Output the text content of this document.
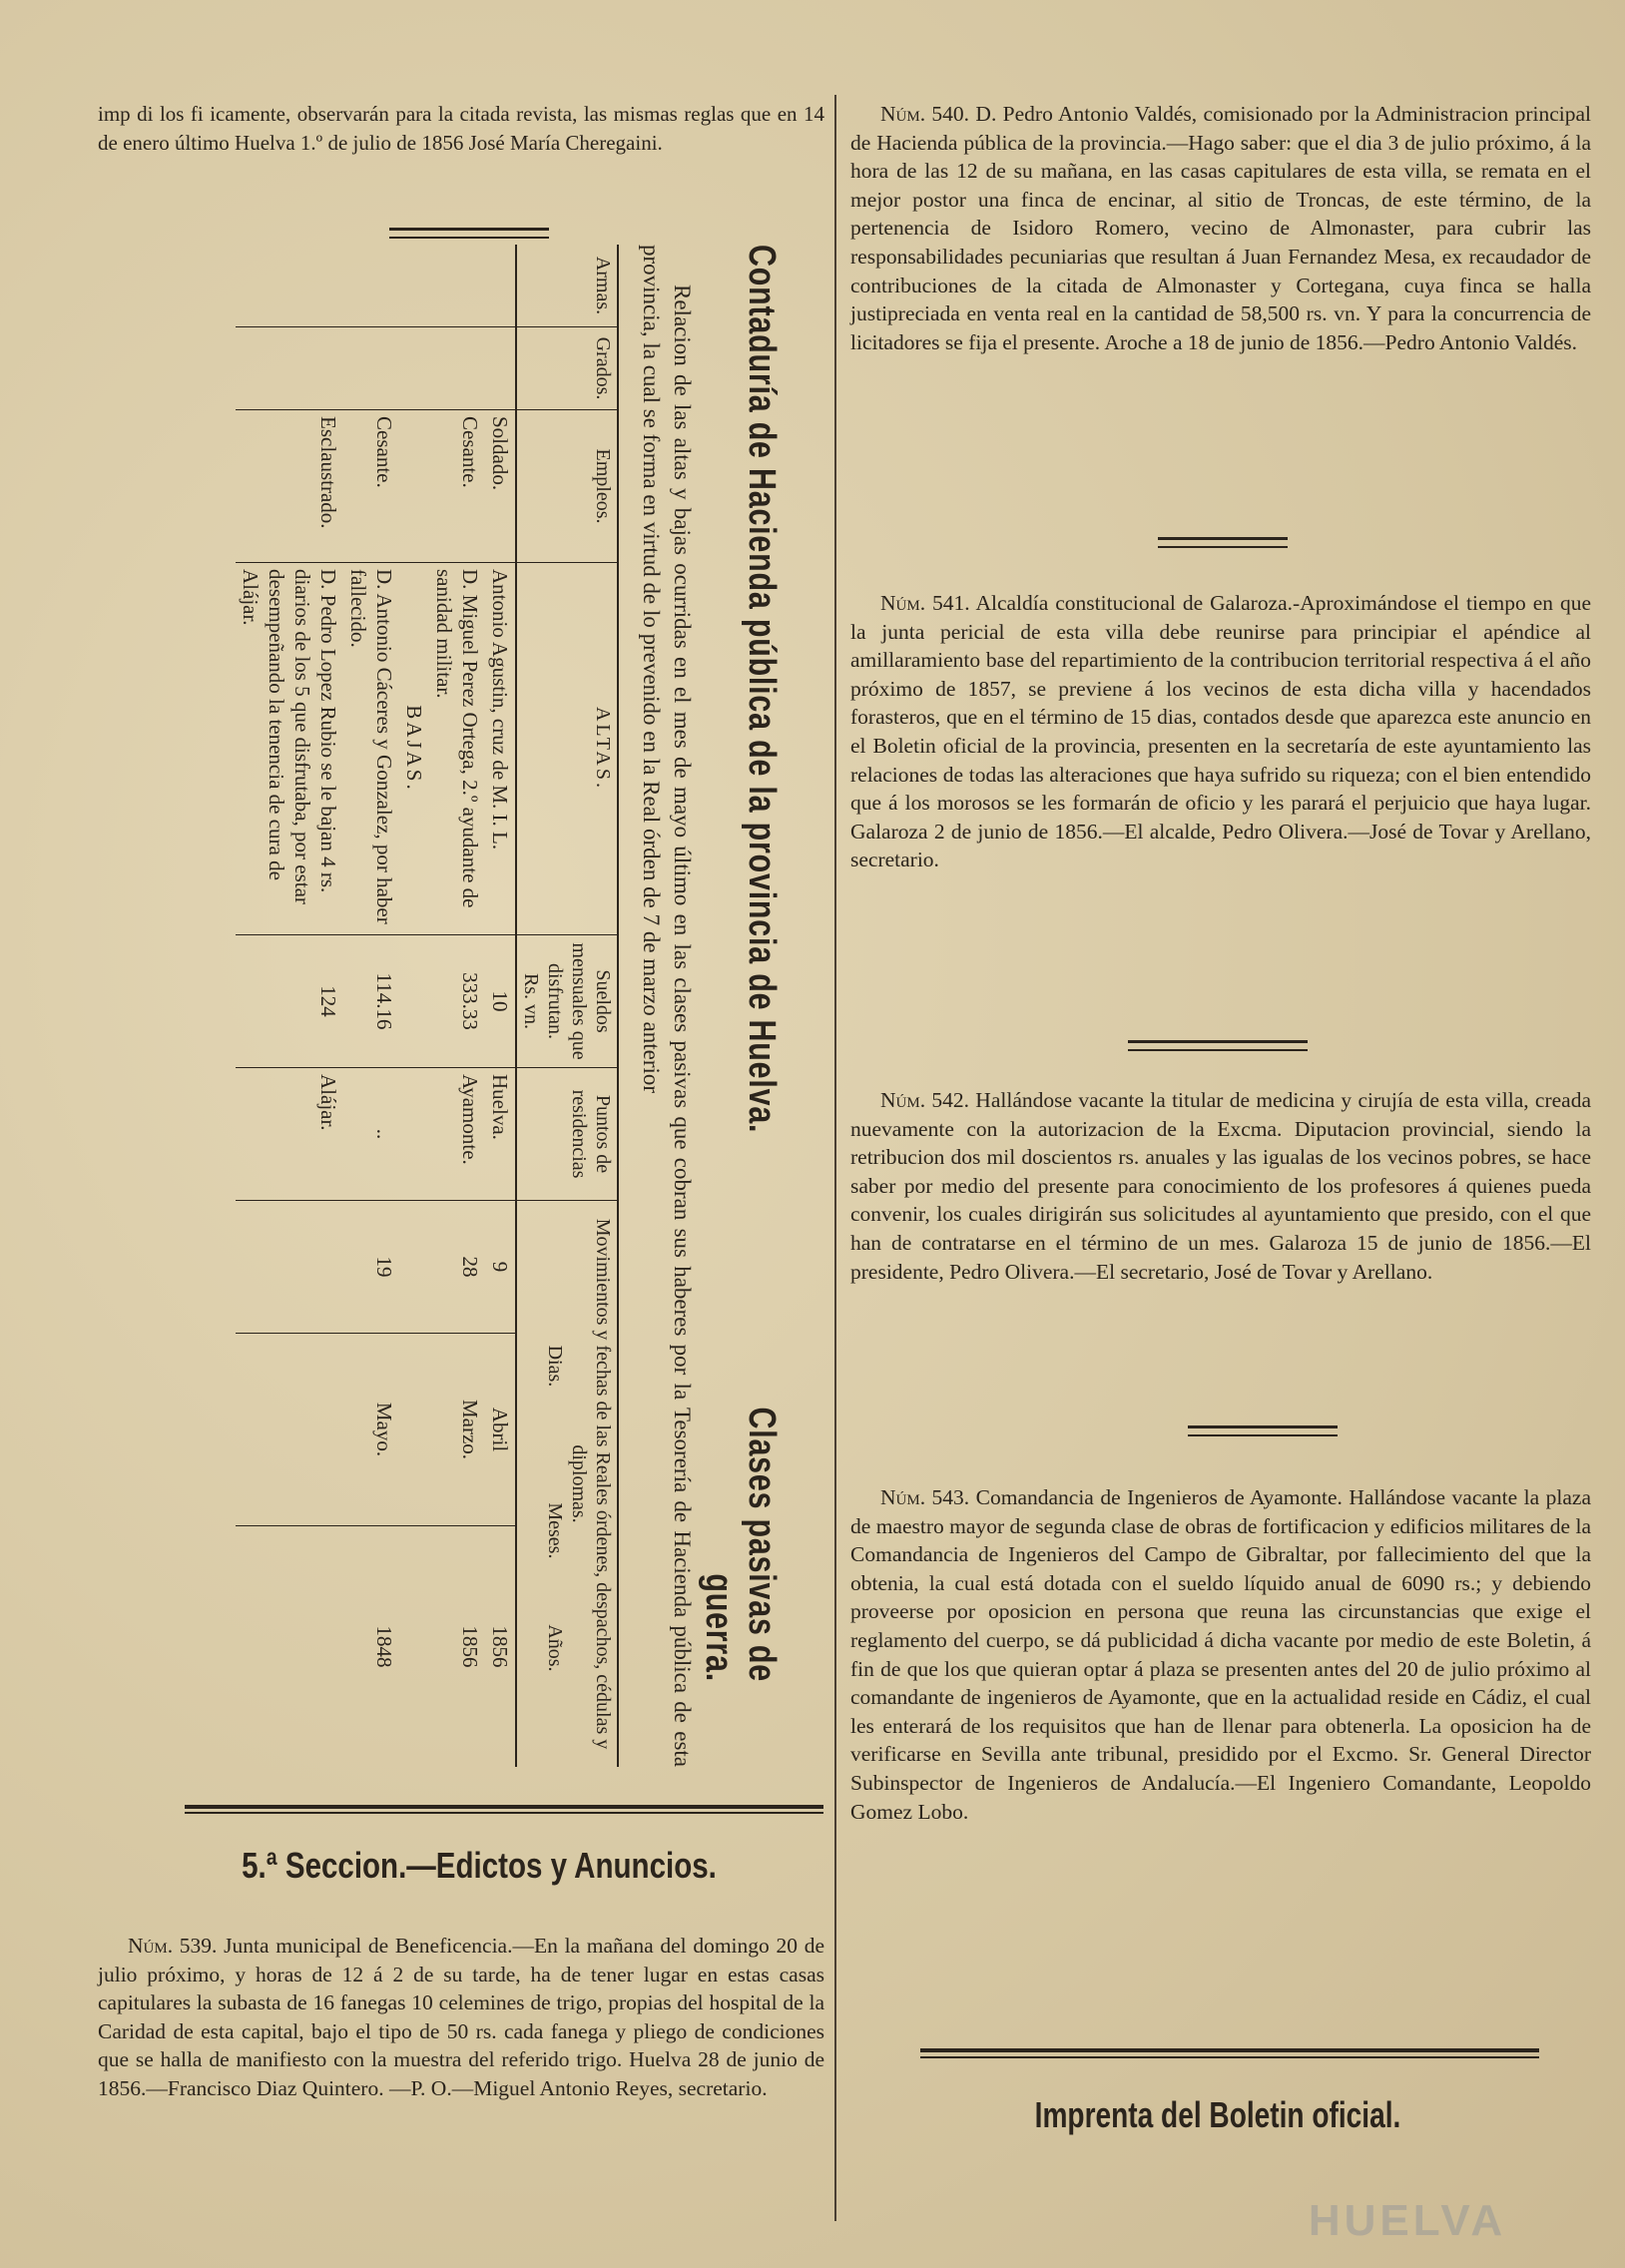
imp di los fi icamente, observarán para la citada revista, las mismas reglas que en 14 de enero último Huelva 1.º de julio de 1856 José María Cheregaini.

Contaduría de Hacienda pública de la provincia de Huelva.
Clases pasivas de guerra.

Relacion de las altas y bajas ocurridas en el mes de mayo último en las clases pasivas que cobran sus haberes por la Tesorería de Hacienda pública de esta provincia, la cual se forma en virtud de lo prevenido en la Real órden de 7 de marzo anterior

Armas.	Grados.	Empleos.	ALTAS.	Sueldos mensuales que disfrutan.
Rs. vn.	Puntos de residencias	Movimientos y fechas de las Reales órdenes, despachos, cédulas y diplomas.
Dias. Meses. Años.		
		Soldado.	Antonio Agustin, cruz de M. I. L.	10	Huelva.	9	Abril	1856
		Cesante.	D. Miguel Perez Ortega, 2.º ayudante de sanidad militar.	333.33	Ayamonte.	28	Marzo.	1856
			BAJAS.					
		Cesante.	D. Antonio Cáceres y Gonzalez, por haber fallecido.	114.16	..	19	Mayo.	1848
		Esclaustrado.	D. Pedro Lopez Rubio se le bajan 4 rs. diarios de los 5 que disfrutaba, por estar desempeñando la tenencia de cura de Alájar.	124	Alájar.			
5.ª Seccion.—Edictos y Anuncios.

Núm. 539. Junta municipal de Beneficencia.—En la mañana del domingo 20 de julio próximo, y horas de 12 á 2 de su tarde, ha de tener lugar en estas casas capitulares la subasta de 16 fanegas 10 celemines de trigo, propias del hospital de la Caridad de esta capital, bajo el tipo de 50 rs. cada fanega y pliego de condiciones que se halla de manifiesto con la muestra del referido trigo. Huelva 28 de junio de 1856.—Francisco Diaz Quintero. —P. O.—Miguel Antonio Reyes, secretario.

Núm. 540. D. Pedro Antonio Valdés, comisionado por la Administracion principal de Hacienda pública de la provincia.—Hago saber: que el dia 3 de julio próximo, á la hora de las 12 de su mañana, en las casas capitulares de esta villa, se remata en el mejor postor una finca de encinar, al sitio de Troncas, de este término, de la pertenencia de Isidoro Romero, vecino de Almonaster, para cubrir las responsabilidades pecuniarias que resultan á Juan Fernandez Mesa, ex recaudador de contribuciones de la citada de Almonaster y Cortegana, cuya finca se halla justipreciada en venta real en la cantidad de 58,500 rs. vn. Y para la concurrencia de licitadores se fija el presente. Aroche a 18 de junio de 1856.—Pedro Antonio Valdés.

Núm. 541. Alcaldía constitucional de Galaroza.-Aproximándose el tiempo en que la junta pericial de esta villa debe reunirse para principiar el apéndice al amillaramiento base del repartimiento de la contribucion territorial respectiva á el año próximo de 1857, se previene á los vecinos de esta dicha villa y hacendados forasteros, que en el término de 15 dias, contados desde que aparezca este anuncio en el Boletin oficial de la provincia, presenten en la secretaría de este ayuntamiento las relaciones de todas las alteraciones que haya sufrido su riqueza; con el bien entendido que á los morosos se les formarán de oficio y les parará el perjuicio que haya lugar. Galaroza 2 de junio de 1856.—El alcalde, Pedro Olivera.—José de Tovar y Arellano, secretario.

Núm. 542. Hallándose vacante la titular de medicina y cirujía de esta villa, creada nuevamente con la autorizacion de la Excma. Diputacion provincial, siendo la retribucion dos mil doscientos rs. anuales y las igualas de los vecinos pobres, se hace saber por medio del presente para conocimiento de los profesores á quienes pueda convenir, los cuales dirigirán sus solicitudes al ayuntamiento que presido, con el que han de contratarse en el término de un mes. Galaroza 15 de junio de 1856.—El presidente, Pedro Olivera.—El secretario, José de Tovar y Arellano.

Núm. 543. Comandancia de Ingenieros de Ayamonte. Hallándose vacante la plaza de maestro mayor de segunda clase de obras de fortificacion y edificios militares de la Comandancia de Ingenieros del Campo de Gibraltar, por fallecimiento del que la obtenia, la cual está dotada con el sueldo líquido anual de 6090 rs.; y debiendo proveerse por oposicion en persona que reuna las circunstancias que exige el reglamento del cuerpo, se dá publicidad á dicha vacante por medio de este Boletin, á fin de que los que quieran optar á plaza se presenten antes del 20 de julio próximo al comandante de ingenieros de Ayamonte, que en la actualidad reside en Cádiz, el cual les enterará de los requisitos que han de llenar para obtenerla. La oposicion ha de verificarse en Sevilla ante tribunal, presidido por el Excmo. Sr. General Director Subinspector de Ingenieros de Andalucía.—El Ingeniero Comandante, Leopoldo Gomez Lobo.

Imprenta del Boletin oficial.
HUELVA
